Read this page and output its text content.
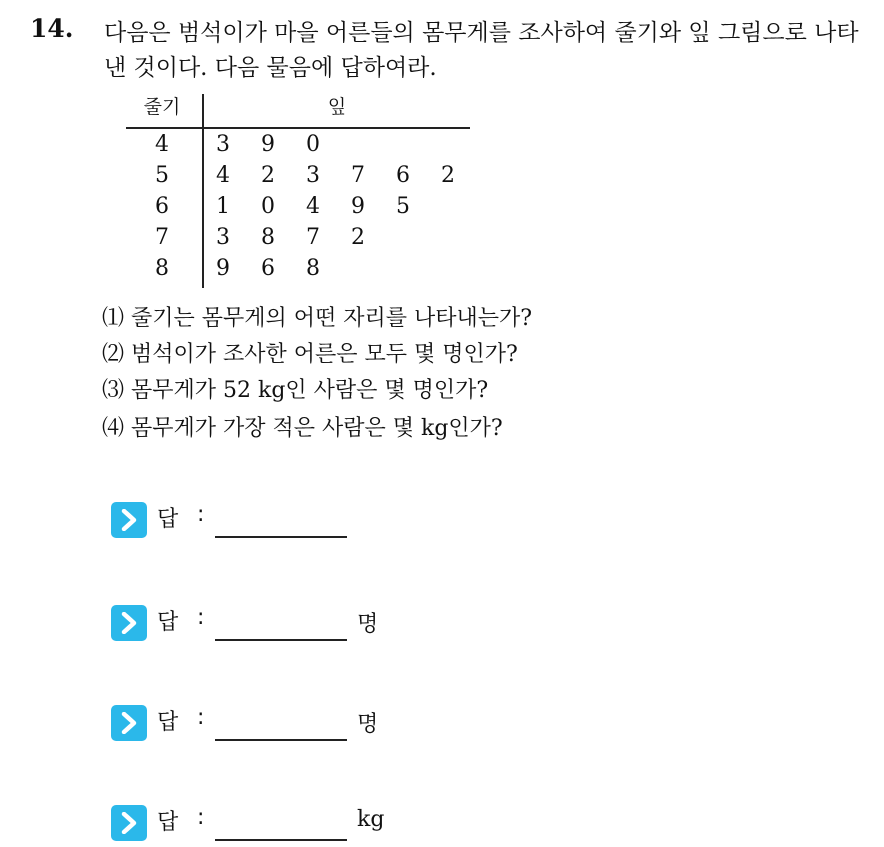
14. 다음은 범석이가 마을 어른들의 몸무게를 조사하여 줄기와 잎 그림으로 나타낸 것이다. 다음 물음에 답하여라.
줄기	잎
4	3 9 0
5	4 2 3 7 6 2
6	1 0 4 9 5
7	3 8 7 2
8	9 6 8
⑴ 줄기는 몸무게의 어떤 자리를 나타내는가?
⑵ 범석이가 조사한 어른은 모두 몇 명인가?
⑶ 몸무게가 52 kg인 사람은 몇 명인가?
⑷ 몸무게가 가장 적은 사람은 몇 kg인가?
답 :
답 :	명
답 :	명
답 :	kg
